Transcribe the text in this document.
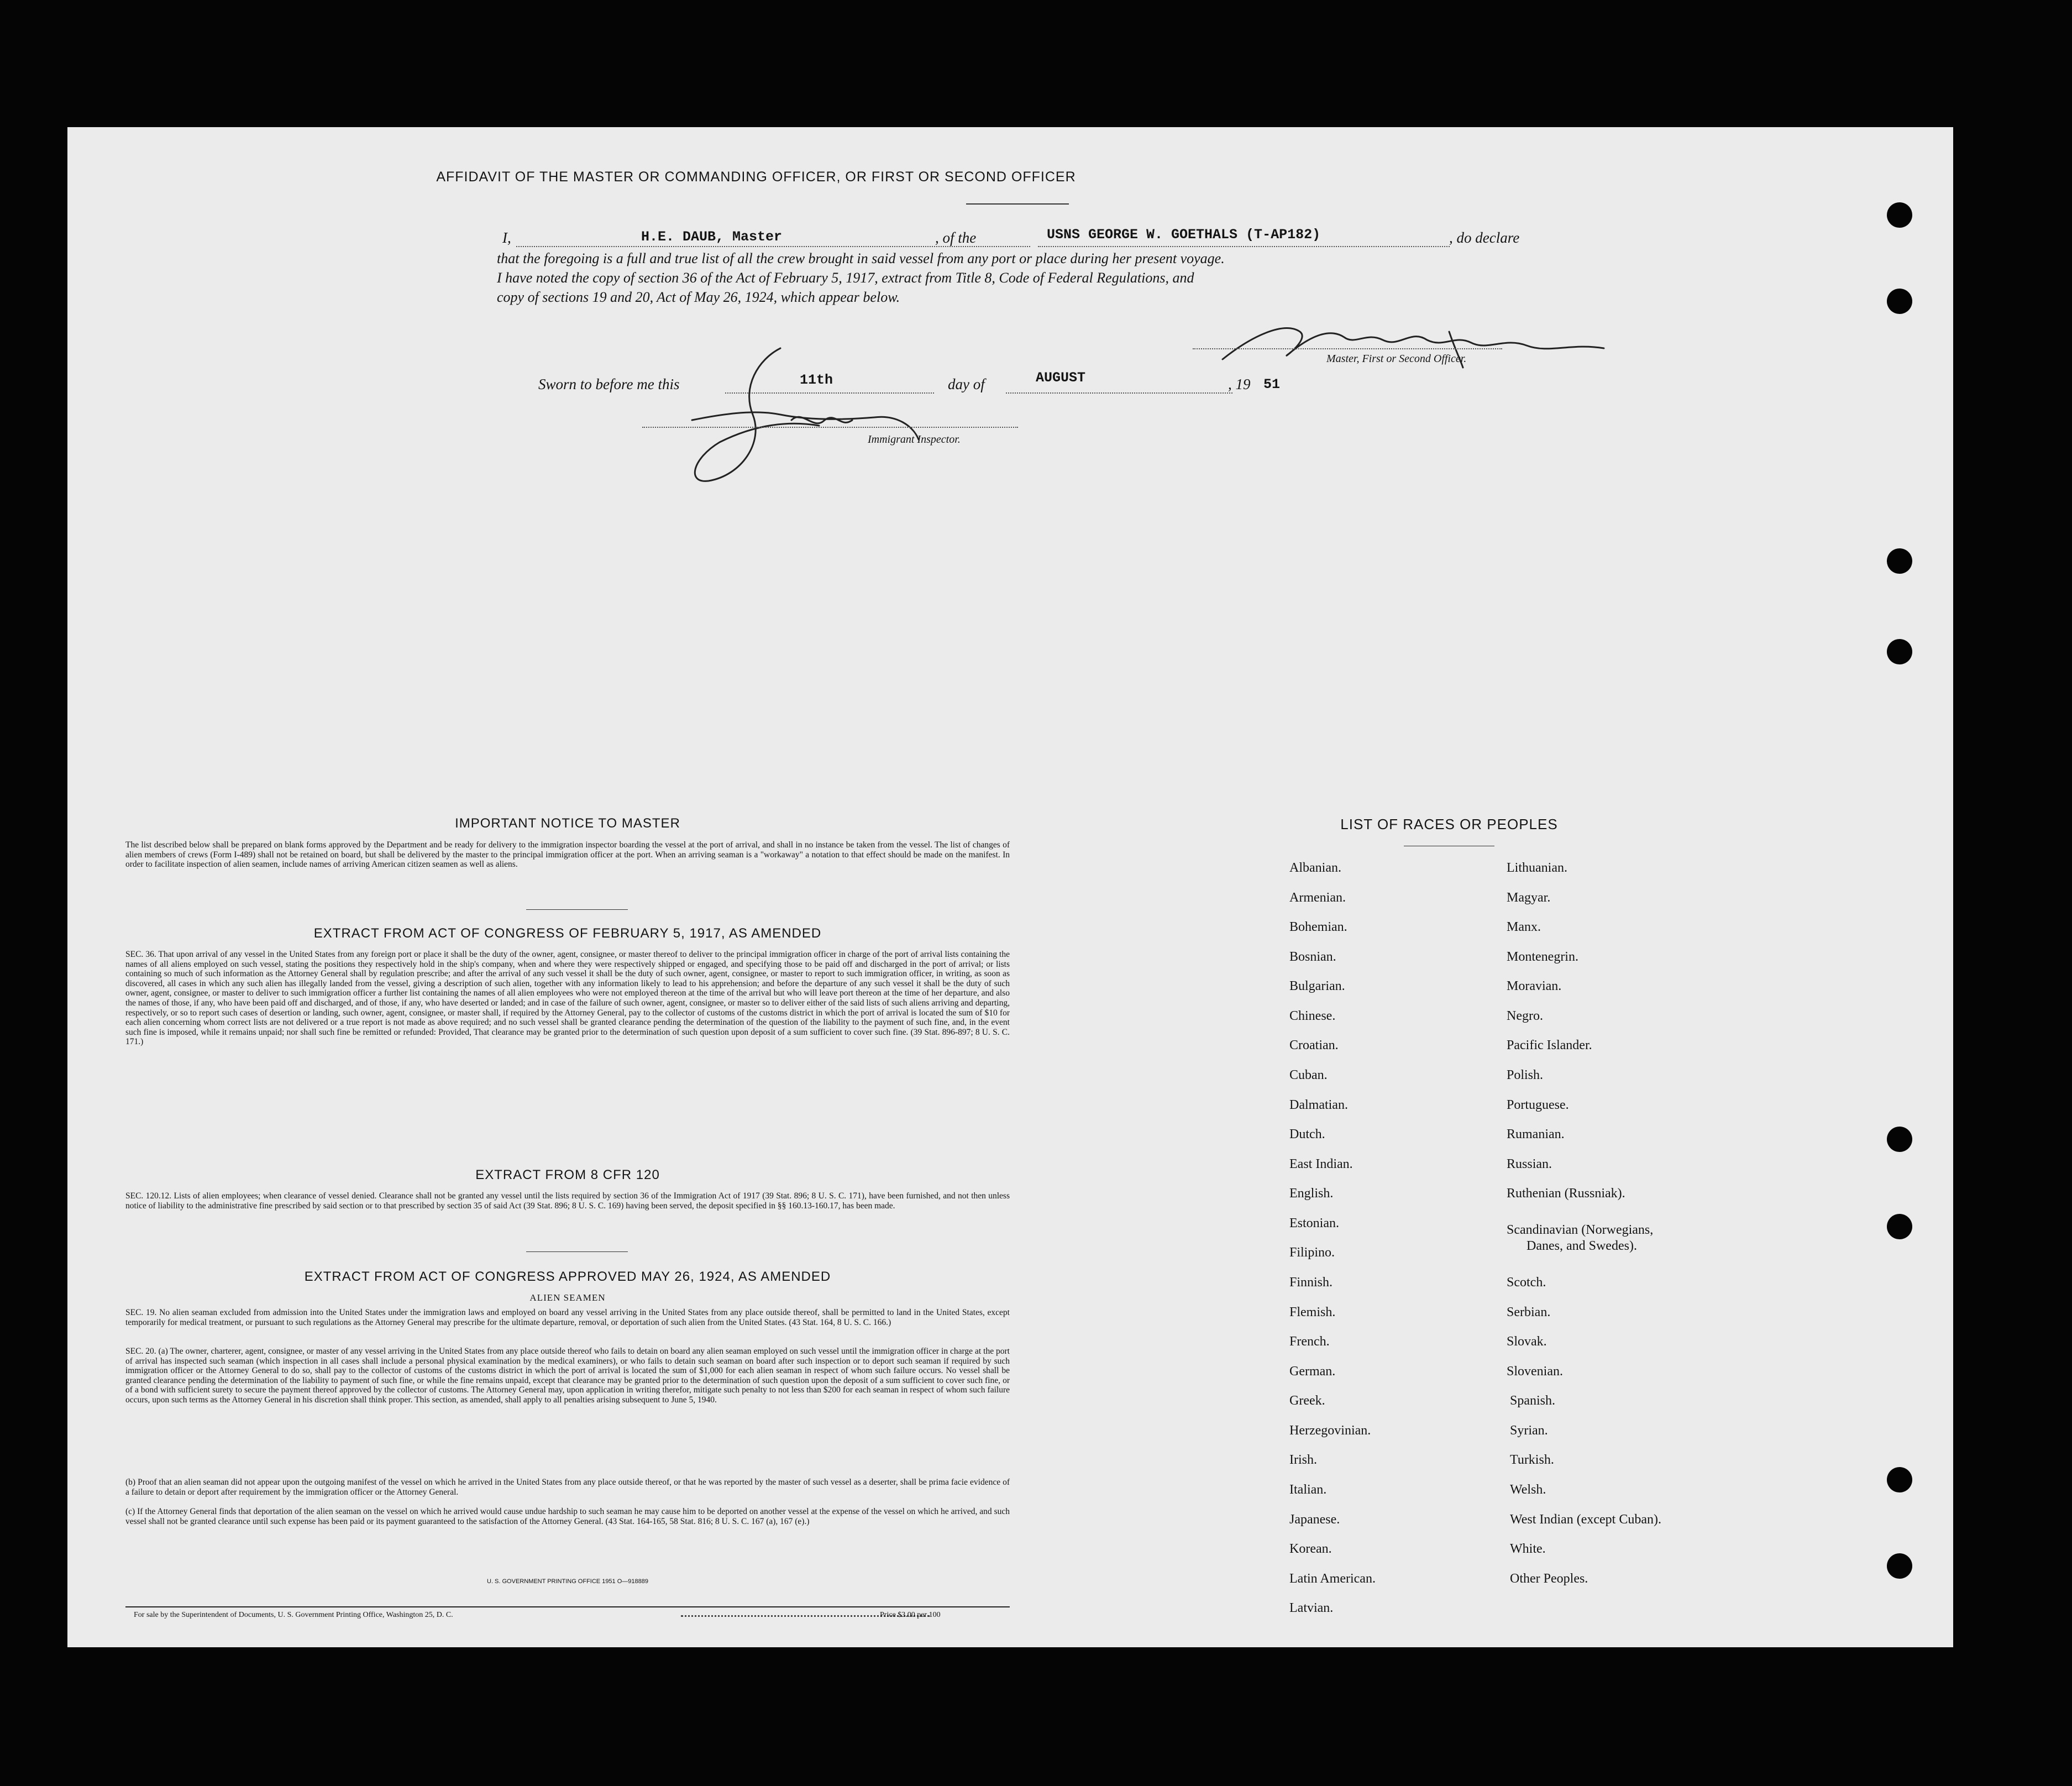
AFFIDAVIT OF THE MASTER OR COMMANDING OFFICER, OR FIRST OR SECOND OFFICER
I,	H.E. DAUB, Master	, of the	USNS GEORGE W. GOETHALS (T-AP182)	, do declare
that the foregoing is a full and true list of all the crew brought in said vessel from any port or place during her present voyage.
I have noted the copy of section 36 of the Act of February 5, 1917, extract from Title 8, Code of Federal Regulations, and
copy of sections 19 and 20, Act of May 26, 1924, which appear below.
Master, First or Second Officer.
Sworn to before me this	11th	day of	AUGUST	, 19 51
Immigrant Inspector.
IMPORTANT NOTICE TO MASTER

The list described below shall be prepared on blank forms approved by the Department and be ready for delivery to the immigration inspector boarding the vessel at the port of arrival, and shall in no instance be taken from the vessel. The list of changes of alien members of crews (Form I-489) shall not be retained on board, but shall be delivered by the master to the principal immigration officer at the port. When an arriving seaman is a "workaway" a notation to that effect should be made on the manifest. In order to facilitate inspection of alien seamen, include names of arriving American citizen seamen as well as aliens.

EXTRACT FROM ACT OF CONGRESS OF FEBRUARY 5, 1917, AS AMENDED

SEC. 36. That upon arrival of any vessel in the United States from any foreign port or place it shall be the duty of the owner, agent, consignee, or master thereof to deliver to the principal immigration officer in charge of the port of arrival lists containing the names of all aliens employed on such vessel, stating the positions they respectively hold in the ship's company, when and where they were respectively shipped or engaged, and specifying those to be paid off and discharged in the port of arrival; or lists containing so much of such information as the Attorney General shall by regulation prescribe; and after the arrival of any such vessel it shall be the duty of such owner, agent, consignee, or master to report to such immigration officer, in writing, as soon as discovered, all cases in which any such alien has illegally landed from the vessel, giving a description of such alien, together with any information likely to lead to his apprehension; and before the departure of any such vessel it shall be the duty of such owner, agent, consignee, or master to deliver to such immigration officer a further list containing the names of all alien employees who were not employed thereon at the time of the arrival but who will leave port thereon at the time of her departure, and also the names of those, if any, who have been paid off and discharged, and of those, if any, who have deserted or landed; and in case of the failure of such owner, agent, consignee, or master so to deliver either of the said lists of such aliens arriving and departing, respectively, or so to report such cases of desertion or landing, such owner, agent, consignee, or master shall, if required by the Attorney General, pay to the collector of customs of the customs district in which the port of arrival is located the sum of $10 for each alien concerning whom correct lists are not delivered or a true report is not made as above required; and no such vessel shall be granted clearance pending the determination of the question of the liability to the payment of such fine, and, in the event such fine is imposed, while it remains unpaid; nor shall such fine be remitted or refunded: Provided, That clearance may be granted prior to the determination of such question upon deposit of a sum sufficient to cover such fine. (39 Stat. 896-897; 8 U. S. C. 171.)

EXTRACT FROM 8 CFR 120

SEC. 120.12. Lists of alien employees; when clearance of vessel denied. Clearance shall not be granted any vessel until the lists required by section 36 of the Immigration Act of 1917 (39 Stat. 896; 8 U. S. C. 171), have been furnished, and not then unless notice of liability to the administrative fine prescribed by said section or to that prescribed by section 35 of said Act (39 Stat. 896; 8 U. S. C. 169) having been served, the deposit specified in §§ 160.13-160.17, has been made.

EXTRACT FROM ACT OF CONGRESS APPROVED MAY 26, 1924, AS AMENDED
ALIEN SEAMEN

SEC. 19. No alien seaman excluded from admission into the United States under the immigration laws and employed on board any vessel arriving in the United States from any place outside thereof, shall be permitted to land in the United States, except temporarily for medical treatment, or pursuant to such regulations as the Attorney General may prescribe for the ultimate departure, removal, or deportation of such alien from the United States. (43 Stat. 164, 8 U. S. C. 166.)

SEC. 20. (a) The owner, charterer, agent, consignee, or master of any vessel arriving in the United States from any place outside thereof who fails to detain on board any alien seaman employed on such vessel until the immigration officer in charge at the port of arrival has inspected such seaman (which inspection in all cases shall include a personal physical examination by the medical examiners), or who fails to detain such seaman on board after such inspection or to deport such seaman if required by such immigration officer or the Attorney General to do so, shall pay to the collector of customs of the customs district in which the port of arrival is located the sum of $1,000 for each alien seaman in respect of whom such failure occurs. No vessel shall be granted clearance pending the determination of the liability to payment of such fine, or while the fine remains unpaid, except that clearance may be granted prior to the determination of such question upon the deposit of a sum sufficient to cover such fine, or of a bond with sufficient surety to secure the payment thereof approved by the collector of customs. The Attorney General may, upon application in writing therefor, mitigate such penalty to not less than $200 for each seaman in respect of whom such failure occurs, upon such terms as the Attorney General in his discretion shall think proper. This section, as amended, shall apply to all penalties arising subsequent to June 5, 1940.

(b) Proof that an alien seaman did not appear upon the outgoing manifest of the vessel on which he arrived in the United States from any place outside thereof, or that he was reported by the master of such vessel as a deserter, shall be prima facie evidence of a failure to detain or deport after requirement by the immigration officer or the Attorney General.

(c) If the Attorney General finds that deportation of the alien seaman on the vessel on which he arrived would cause undue hardship to such seaman he may cause him to be deported on another vessel at the expense of the vessel on which he arrived, and such vessel shall not be granted clearance until such expense has been paid or its payment guaranteed to the satisfaction of the Attorney General. (43 Stat. 164-165, 58 Stat. 816; 8 U. S. C. 167 (a), 167 (e).)

U. S. GOVERNMENT PRINTING OFFICE 1951 O—918889
For sale by the Superintendent of Documents, U. S. Government Printing Office, Washington 25, D. C.	Price $3.00 per 100
LIST OF RACES OR PEOPLES
Albanian.
Armenian.
Bohemian.
Bosnian.
Bulgarian.
Chinese.
Croatian.
Cuban.
Dalmatian.
Dutch.
East Indian.
English.
Estonian.
Filipino.
Finnish.
Flemish.
French.
German.
Greek.
Herzegovinian.
Irish.
Italian.
Japanese.
Korean.
Latin American.
Latvian.
Lithuanian.
Magyar.
Manx.
Montenegrin.
Moravian.
Negro.
Pacific Islander.
Polish.
Portuguese.
Rumanian.
Russian.
Ruthenian (Russniak).
Scandinavian (Norwegians,
Danes, and Swedes).
Scotch.
Serbian.
Slovak.
Slovenian.
Spanish.
Syrian.
Turkish.
Welsh.
West Indian (except Cuban).
White.
Other Peoples.
